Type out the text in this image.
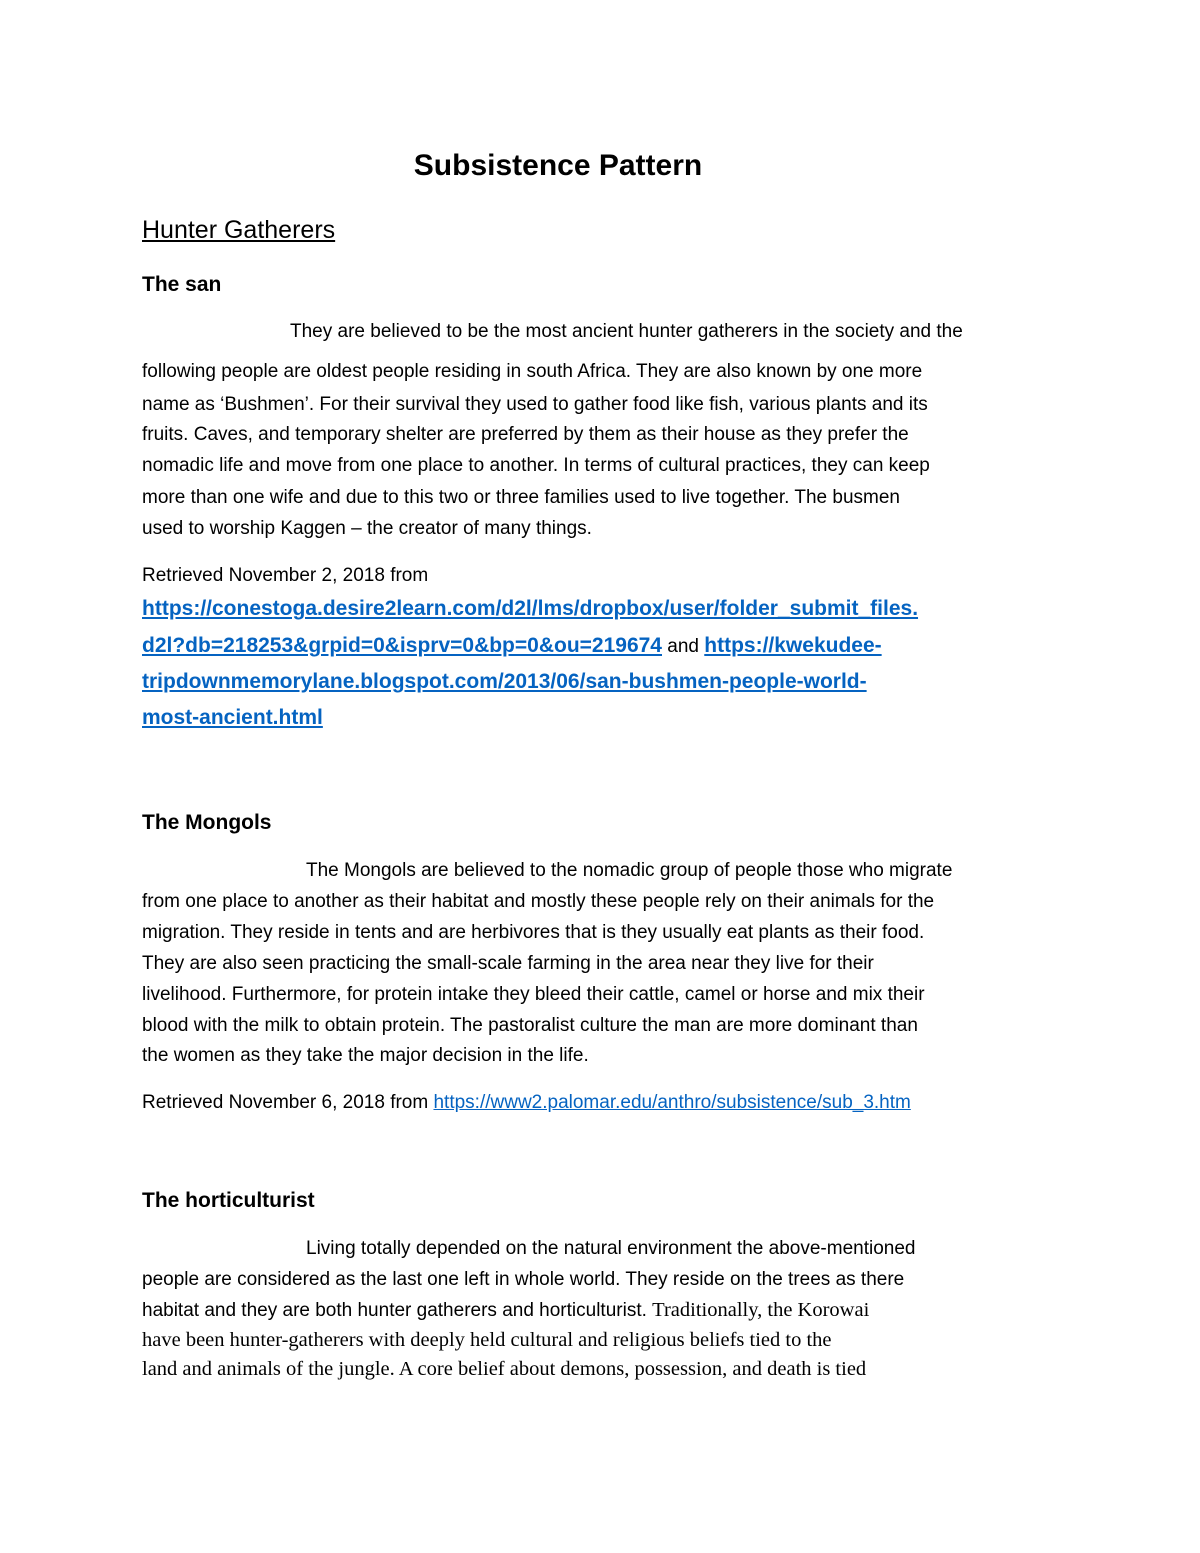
Subsistence Pattern
Hunter Gatherers
The san
They are believed to be the most ancient hunter gatherers in the society and the
following people are oldest people residing in south Africa. They are also known by one more
name as ‘Bushmen’. For their survival they used to gather food like fish, various plants and its
fruits. Caves, and temporary shelter are preferred by them as their house as they prefer the
nomadic life and move from one place to another. In terms of cultural practices, they can keep
more than one wife and due to this two or three families used to live together. The busmen
used to worship Kaggen – the creator of many things.
Retrieved November 2, 2018 from
https://conestoga.desire2learn.com/d2l/lms/dropbox/user/folder_submit_files.
d2l?db=218253&grpid=0&isprv=0&bp=0&ou=219674 and https://kwekudee-
tripdownmemorylane.blogspot.com/2013/06/san-bushmen-people-world-
most-ancient.html
The Mongols
The Mongols are believed to the nomadic group of people those who migrate
from one place to another as their habitat and mostly these people rely on their animals for the
migration. They reside in tents and are herbivores that is they usually eat plants as their food.
They are also seen practicing the small-scale farming in the area near they live for their
livelihood. Furthermore, for protein intake they bleed their cattle, camel or horse and mix their
blood with the milk to obtain protein. The pastoralist culture the man are more dominant than
the women as they take the major decision in the life.
Retrieved November 6, 2018 from https://www2.palomar.edu/anthro/subsistence/sub_3.htm
The horticulturist
Living totally depended on the natural environment the above-mentioned
people are considered as the last one left in whole world. They reside on the trees as there
habitat and they are both hunter gatherers and horticulturist. Traditionally, the Korowai
have been hunter-gatherers with deeply held cultural and religious beliefs tied to the
land and animals of the jungle. A core belief about demons, possession, and death is tied
